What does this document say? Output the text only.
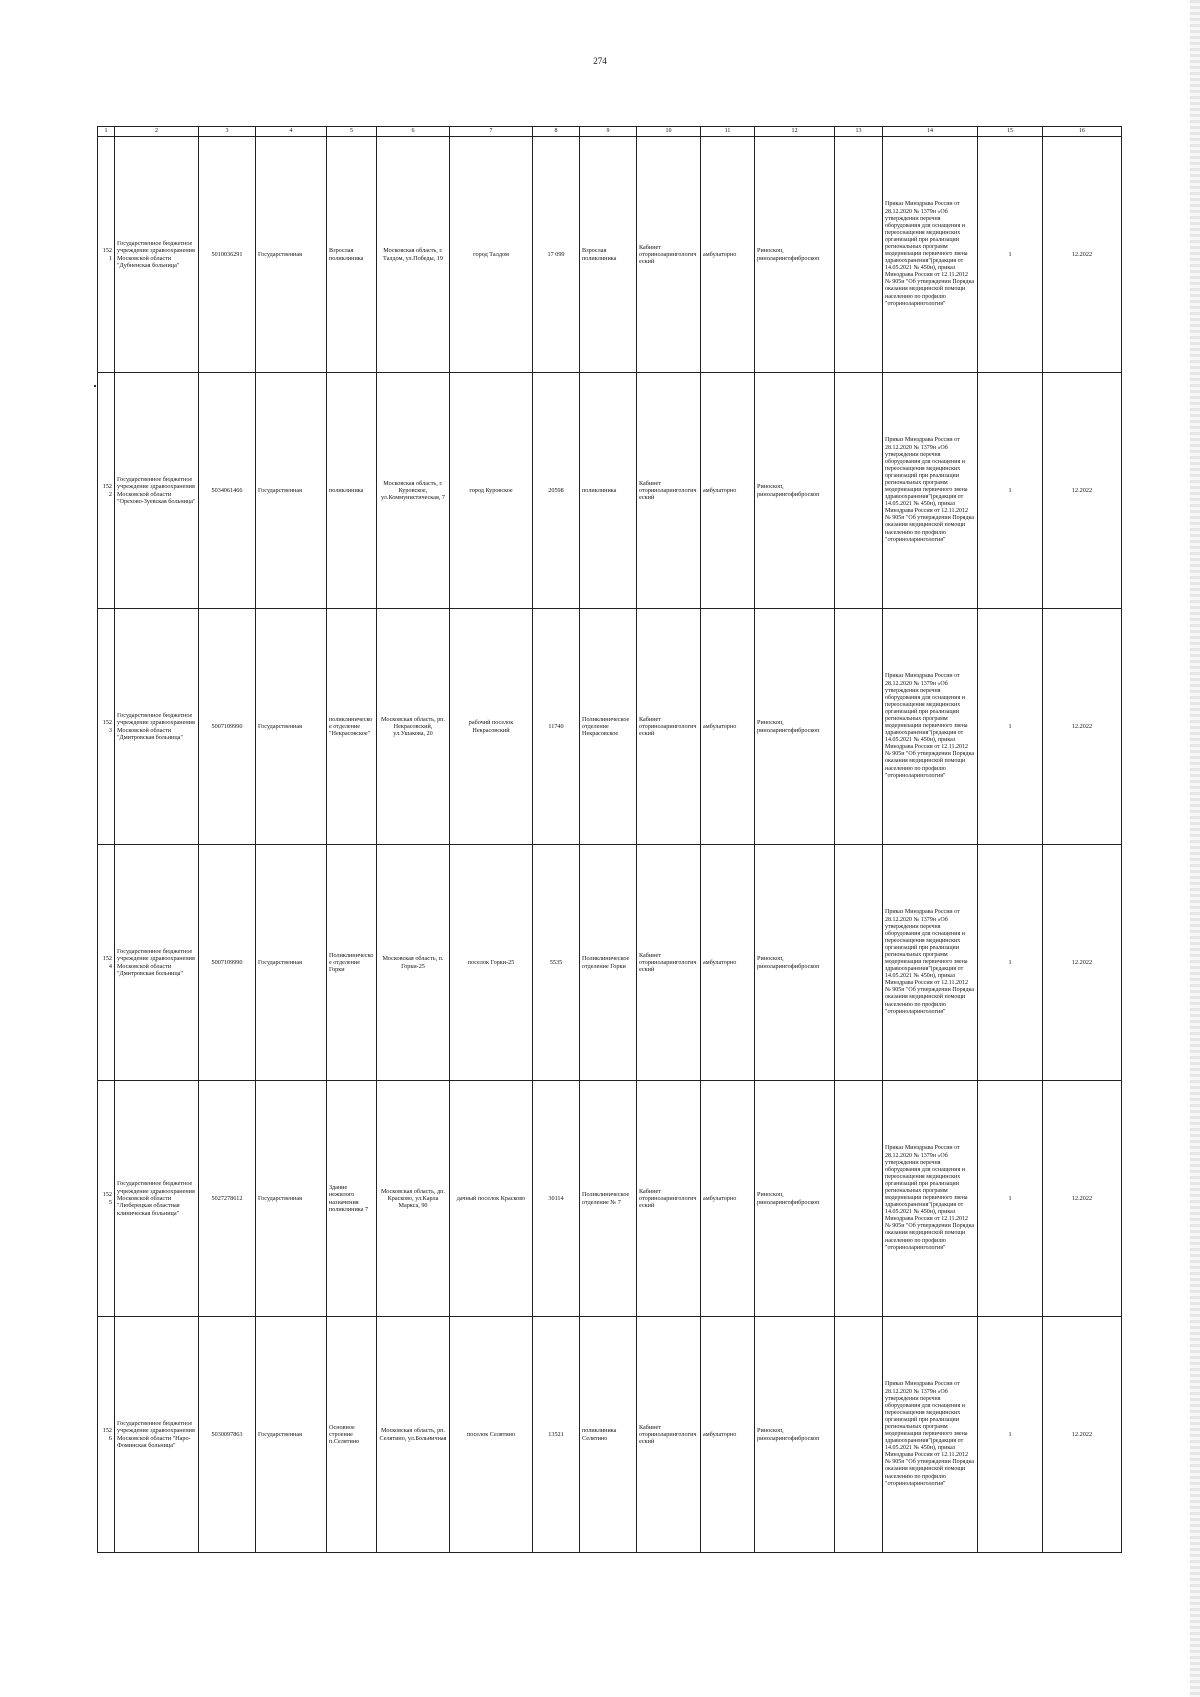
274
1	2	3	4	5	6	7	8	9	10	11	12	13	14	15	16
1521	Государственное бюджетное учреждение здравоохранения Московской области "Дубненская больница"	5010036291	Государственная	Взрослая поликлиника	Московская область, г. Талдом, ул.Победы, 19	город Талдом	17 099	Взрослая поликлиника	Кабинет оториноларингологический	амбулаторно	Риноскоп, риноларингофиброскоп		Приказ Минздрава России от 28.12.2020 № 1379н «Об утверждении перечня оборудования для оснащения и переоснащения медицинских организаций при реализации региональных программ модернизации первичного звена здравоохранения"(редакция от 14.05.2021 № 450н), приказ Минздрава России от 12.11.2012 № 905н "Об утверждении Порядка оказания медицинской помощи населению по профилю "оториноларингология"	1	12.2022
1522	Государственное бюджетное учреждение здравоохранения Московской области "Орехово-Зуевская больница"	5034061466	Государственная	поликлиника	Московская область, г. Куровское, ул.Коммунистическая, 7	город Куровское	20598	поликлиника	Кабинет оториноларингологический	амбулаторно	Риноскоп, риноларингофиброскоп		Приказ Минздрава России от 28.12.2020 № 1379н «Об утверждении перечня оборудования для оснащения и переоснащения медицинских организаций при реализации региональных программ модернизации первичного звена здравоохранения"(редакция от 14.05.2021 № 450н), приказ Минздрава России от 12.11.2012 № 905н "Об утверждении Порядка оказания медицинской помощи населению по профилю "оториноларингология"	1	12.2022
1523	Государственное бюджетное учреждение здравоохранения Московской области "Дмитровская больница"	5007109990	Государственная	поликлиническое отделение "Некрасовское"	Московская область, рп. Некрасовский, ул.Ушакова, 20	рабочий поселок Некрасовский	11740	Поликлиническое отделение Некрасовское	Кабинет оториноларингологический	амбулаторно	Риноскоп, риноларингофиброскоп		Приказ Минздрава России от 28.12.2020 № 1379н «Об утверждении перечня оборудования для оснащения и переоснащения медицинских организаций при реализации региональных программ модернизации первичного звена здравоохранения"(редакция от 14.05.2021 № 450н), приказ Минздрава России от 12.11.2012 № 905н "Об утверждении Порядка оказания медицинской помощи населению по профилю "оториноларингология"	1	12.2022
1524	Государственное бюджетное учреждение здравоохранения Московской области "Дмитровская больница"	5007109990	Государственная	Поликлиническое отделение Горки	Московская область, п. Горки-25	поселок Горки-25	5535	Поликлиническое отделение Горки	Кабинет оториноларингологический	амбулаторно	Риноскоп, риноларингофиброскоп		Приказ Минздрава России от 28.12.2020 № 1379н «Об утверждении перечня оборудования для оснащения и переоснащения медицинских организаций при реализации региональных программ модернизации первичного звена здравоохранения"(редакция от 14.05.2021 № 450н), приказ Минздрава России от 12.11.2012 № 905н "Об утверждении Порядка оказания медицинской помощи населению по профилю "оториноларингология"	1	12.2022
1525	Государственное бюджетное учреждение здравоохранения Московской области "Люберецкая областная клиническая больница"	5027278612	Государственная	Здание нежилого назначения поликлиника 7	Московская область, дп. Красково, ул.Карла Маркса, 90	дачный поселок Красково	30114	Поликлиническое отделение № 7	Кабинет оториноларингологический	амбулаторно	Риноскоп, риноларингофиброскоп		Приказ Минздрава России от 28.12.2020 № 1379н «Об утверждении перечня оборудования для оснащения и переоснащения медицинских организаций при реализации региональных программ модернизации первичного звена здравоохранения"(редакция от 14.05.2021 № 450н), приказ Минздрава России от 12.11.2012 № 905н "Об утверждении Порядка оказания медицинской помощи населению по профилю "оториноларингология"	1	12.2022
1526	Государственное бюджетное учреждение здравоохранения Московской области "Наро-Фоминская больница"	5030097863	Государственная	Основное строение п.Селятино	Московская область, рп. Селятино, ул.Больничная	поселок Селятино	13521	поликлиника Селятино	Кабинет оториноларингологический	амбулаторно	Риноскоп, риноларингофиброскоп		Приказ Минздрава России от 28.12.2020 № 1379н «Об утверждении перечня оборудования для оснащения и переоснащения медицинских организаций при реализации региональных программ модернизации первичного звена здравоохранения"(редакция от 14.05.2021 № 450н), приказ Минздрава России от 12.11.2012 № 905н "Об утверждении Порядка оказания медицинской помощи населению по профилю "оториноларингология"	1	12.2022
